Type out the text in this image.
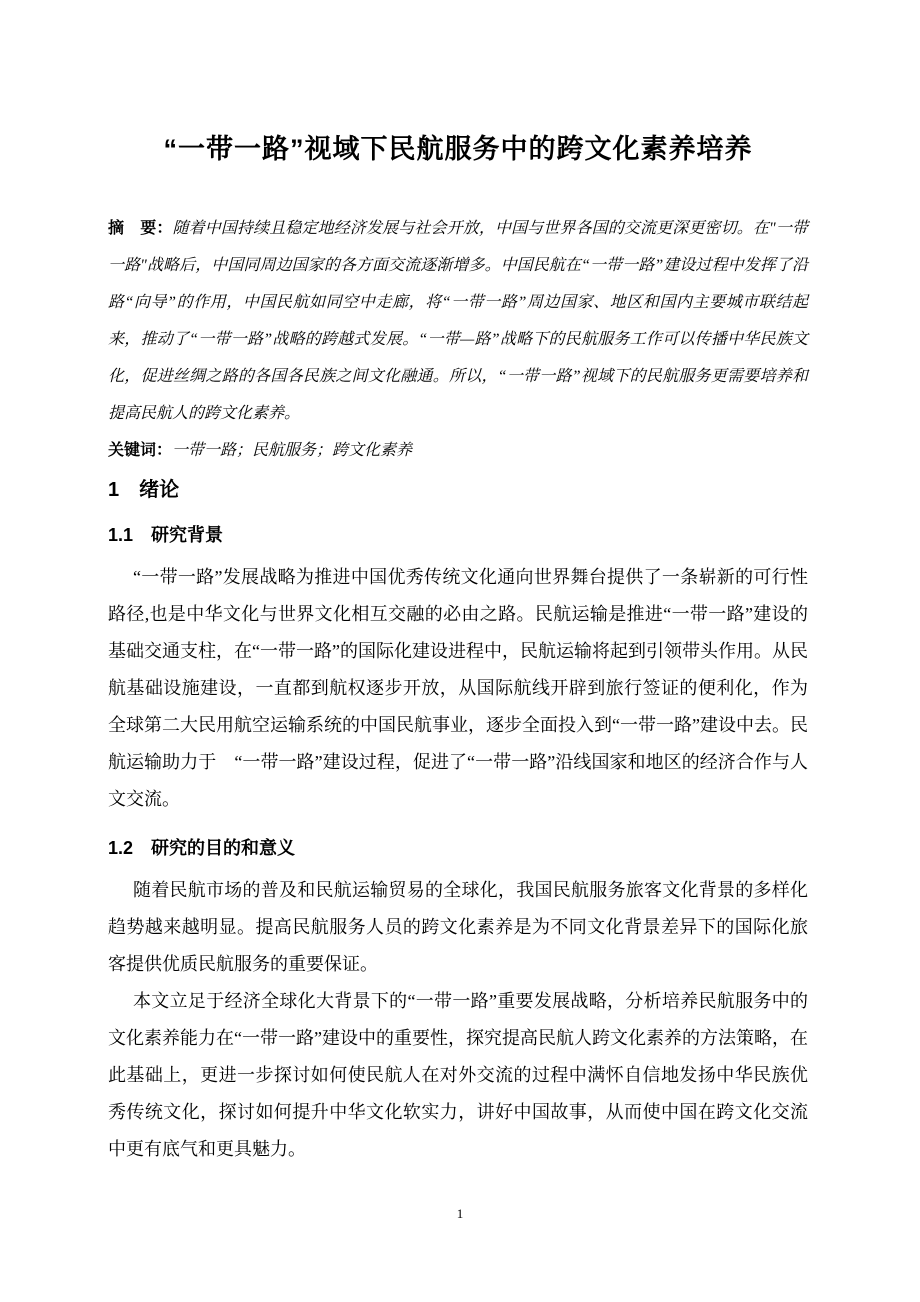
“一带一路”视域下民航服务中的跨文化素养培养

摘　要：随着中国持续且稳定地经济发展与社会开放，中国与世界各国的交流更深更密切。在"一带一路"战略后，中国同周边国家的各方面交流逐渐增多。中国民航在“一带一路”建设过程中发挥了沿路“向导”的作用，中国民航如同空中走廊，将“一带一路”周边国家、地区和国内主要城市联结起来，推动了“一带一路”战略的跨越式发展。“一带—路”战略下的民航服务工作可以传播中华民族文化，促进丝绸之路的各国各民族之间文化融通。所以，“一带一路”视域下的民航服务更需要培养和提高民航人的跨文化素养。

关键词：一带一路；民航服务；跨文化素养

1　绪论
1.1　研究背景

“一带一路”发展战略为推进中国优秀传统文化通向世界舞台提供了一条崭新的可行性路径,也是中华文化与世界文化相互交融的必由之路。民航运输是推进“一带一路”建设的基础交通支柱，在“一带一路”的国际化建设进程中，民航运输将起到引领带头作用。从民航基础设施建设，一直都到航权逐步开放，从国际航线开辟到旅行签证的便利化，作为全球第二大民用航空运输系统的中国民航事业，逐步全面投入到“一带一路”建设中去。民航运输助力于　“一带一路”建设过程，促进了“一带一路”沿线国家和地区的经济合作与人文交流。

1.2　研究的目的和意义

随着民航市场的普及和民航运输贸易的全球化，我国民航服务旅客文化背景的多样化趋势越来越明显。提高民航服务人员的跨文化素养是为不同文化背景差异下的国际化旅客提供优质民航服务的重要保证。

本文立足于经济全球化大背景下的“一带一路”重要发展战略，分析培养民航服务中的文化素养能力在“一带一路”建设中的重要性，探究提高民航人跨文化素养的方法策略，在此基础上，更进一步探讨如何使民航人在对外交流的过程中满怀自信地发扬中华民族优秀传统文化，探讨如何提升中华文化软实力，讲好中国故事，从而使中国在跨文化交流中更有底气和更具魅力。

1
